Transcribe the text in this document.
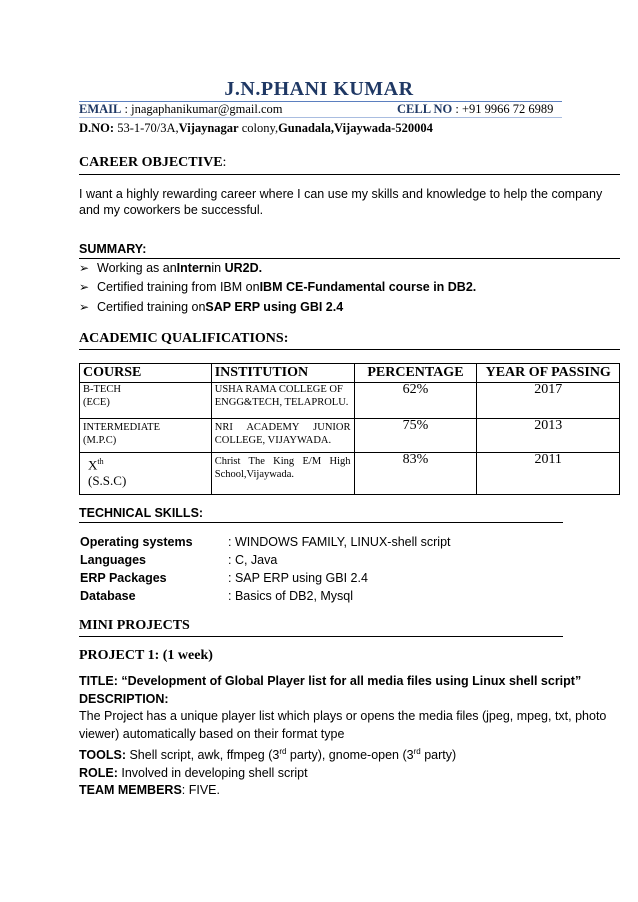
J.N.PHANI KUMAR
EMAIL : jnagaphanikumar@gmail.com	CELL NO : +91 9966 72 6989
D.NO: 53-1-70/3A,Vijaynagar colony,Gunadala,Vijaywada-520004
CAREER OBJECTIVE:
I want a highly rewarding career where I can use my skills and knowledge to help the company and my coworkers be successful.
SUMMARY:
➢ Working as an Intern in
UR2D.
➢ Certified training from IBM on IBM CE-Fundamental course in DB2.
➢ Certified training on SAP ERP using GBI 2.4
ACADEMIC QUALIFICATIONS:
COURSE	INSTITUTION	PERCENTAGE	YEAR OF PASSING

B-TECH
(ECE)	USHA RAMA COLLEGE OF ENGG&TECH, TELAPROLU.	62%	2017

INTERMEDIATE
(M.P.C)	NRI ACADEMY JUNIOR COLLEGE, VIJAYWADA.	75%	2013

Xth
(S.S.C)	Christ The King E/M High School,Vijaywada.	83%	2011
TECHNICAL SKILLS:
Operating systems	: WINDOWS FAMILY, LINUX-shell script
Languages	: C, Java
ERP Packages	: SAP ERP using GBI 2.4
Database	: Basics of DB2, Mysql
MINI PROJECTS
PROJECT 1: (1 week)
TITLE: “Development of Global Player list for all media files using Linux shell script”
DESCRIPTION:
The Project has a unique player list which plays or opens the media files (jpeg, mpeg, txt, photo viewer) automatically based on their format type
TOOLS: Shell script, awk, ffmpeg (3rd party), gnome-open (3rd party)
ROLE: Involved in developing shell script
TEAM MEMBERS: FIVE.
